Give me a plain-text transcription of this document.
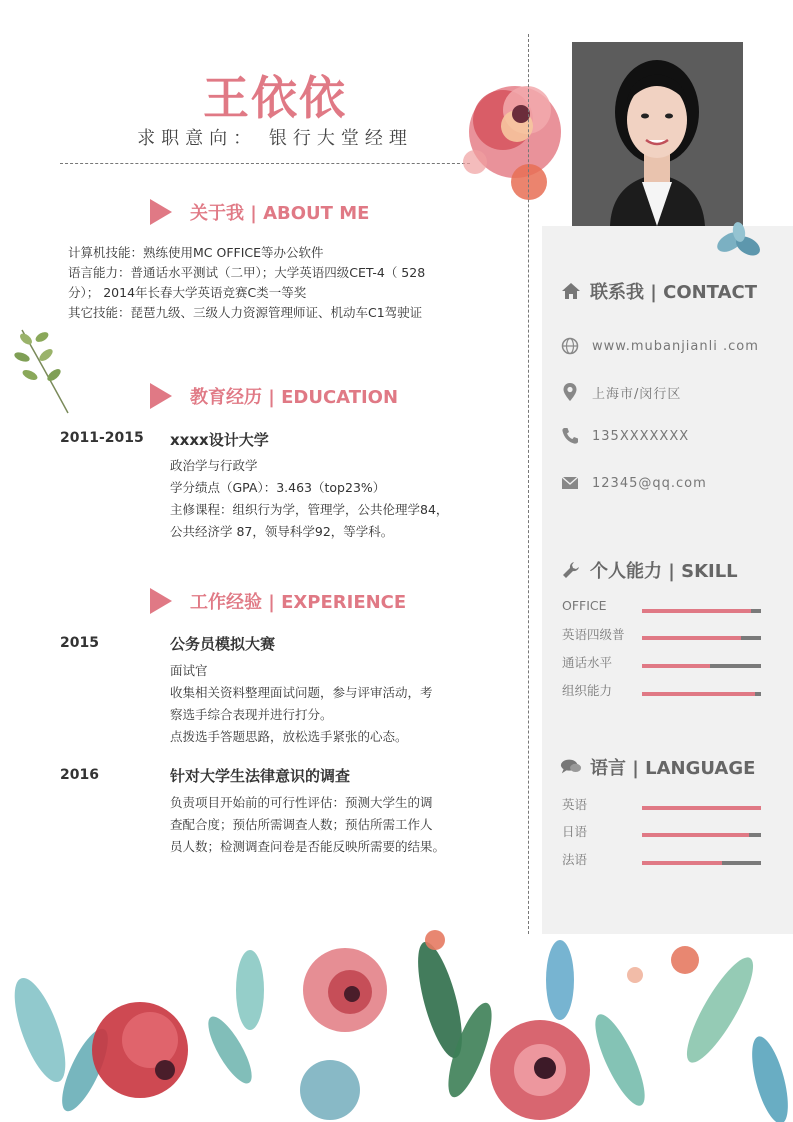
王依依
求职意向： 银行大堂经理
关于我 | ABOUT ME

计算机技能：熟练使用MC OFFICE等办公软件

语言能力：普通话水平测试（二甲）；大学英语四级CET-4（ 528

分）； 2014年长春大学英语竞赛C类一等奖

其它技能：琵琶九级、三级人力资源管理师证、机动车C1驾驶证

教育经历 | EDUCATION
2011-2015 xxxx设计大学

政治学与行政学

学分绩点（GPA）：3.463（top23%）

主修课程：组织行为学，管理学，公共伦理学84，

公共经济学 87，领导科学92，等学科。

工作经验 | EXPERIENCE
2015	公务员模拟大赛

面试官

收集相关资料整理面试问题，参与评审活动，考

察选手综合表现并进行打分。

点拨选手答题思路，放松选手紧张的心态。

2016	针对大学生法律意识的调查

负责项目开始前的可行性评估：预测大学生的调

查配合度；预估所需调查人数；预估所需工作人

员人数；检测调查问卷是否能反映所需要的结果。

联系我 | CONTACT
www.mubanjianli .com
上海市/闵行区
135XXXXXXX
12345@qq.com
个人能力 | SKILL
OFFICE
英语四级普
通话水平
组织能力
语言 | LANGUAGE
英语
日语
法语
